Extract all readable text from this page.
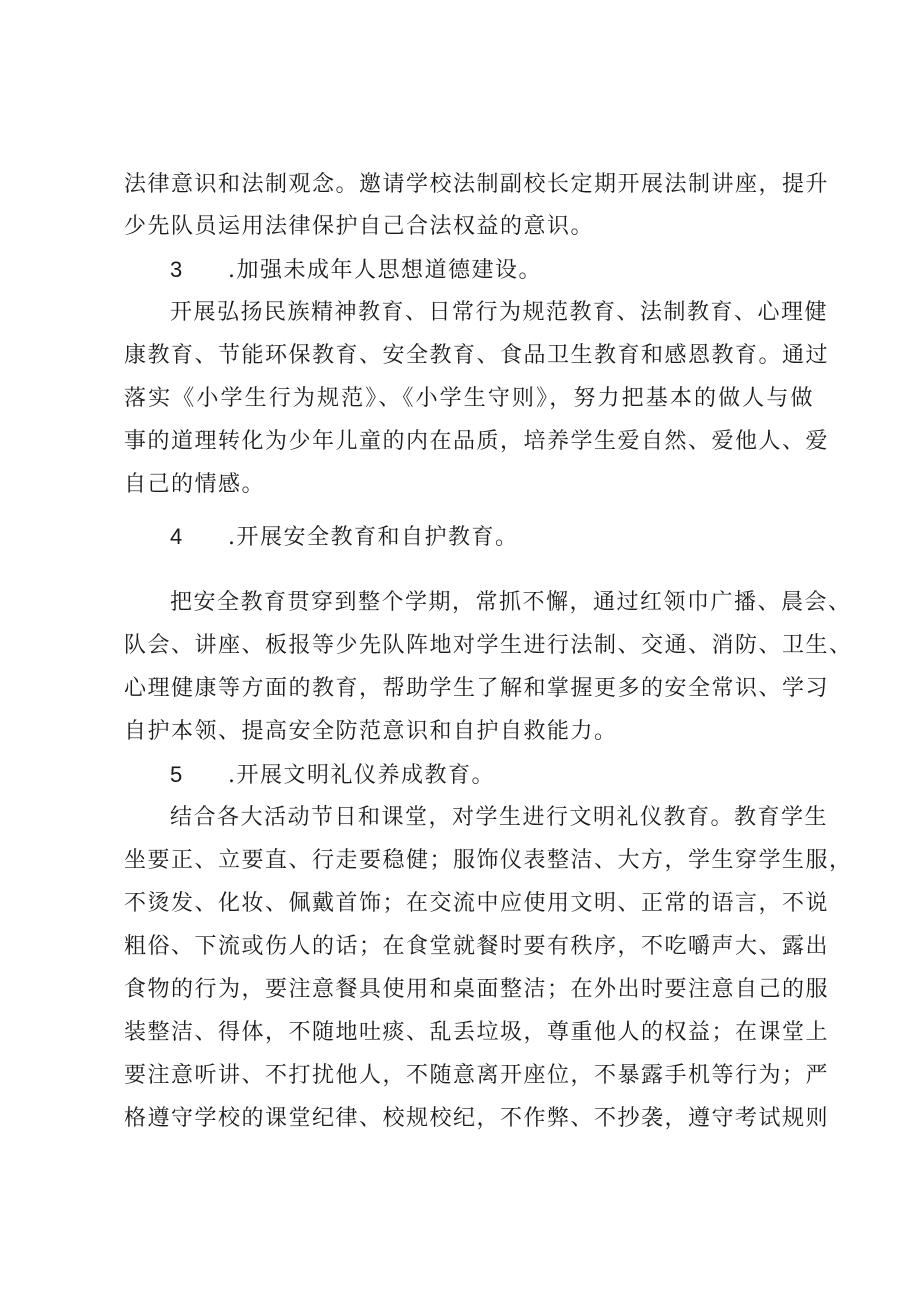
法律意识和法制观念。邀请学校法制副校长定期开展法制讲座，提升
少先队员运用法律保护自己合法权益的意识。
3 .加强未成年人思想道德建设。
开展弘扬民族精神教育、日常行为规范教育、法制教育、心理健
康教育、节能环保教育、安全教育、食品卫生教育和感恩教育。通过
落实《小学生行为规范》、《小学生守则》，努力把基本的做人与做
事的道理转化为少年儿童的内在品质，培养学生爱自然、爱他人、爱
自己的情感。
4 .开展安全教育和自护教育。
把安全教育贯穿到整个学期，常抓不懈，通过红领巾广播、晨会、
队会、讲座、板报等少先队阵地对学生进行法制、交通、消防、卫生、
心理健康等方面的教育，帮助学生了解和掌握更多的安全常识、学习
自护本领、提高安全防范意识和自护自救能力。
5 .开展文明礼仪养成教育。
结合各大活动节日和课堂，对学生进行文明礼仪教育。教育学生
坐要正、立要直、行走要稳健；服饰仪表整洁、大方，学生穿学生服，
不烫发、化妆、佩戴首饰；在交流中应使用文明、正常的语言，不说
粗俗、下流或伤人的话；在食堂就餐时要有秩序，不吃嚼声大、露出
食物的行为，要注意餐具使用和桌面整洁；在外出时要注意自己的服
装整洁、得体，不随地吐痰、乱丢垃圾，尊重他人的权益；在课堂上
要注意听讲、不打扰他人，不随意离开座位，不暴露手机等行为；严
格遵守学校的课堂纪律、校规校纪，不作弊、不抄袭，遵守考试规则
